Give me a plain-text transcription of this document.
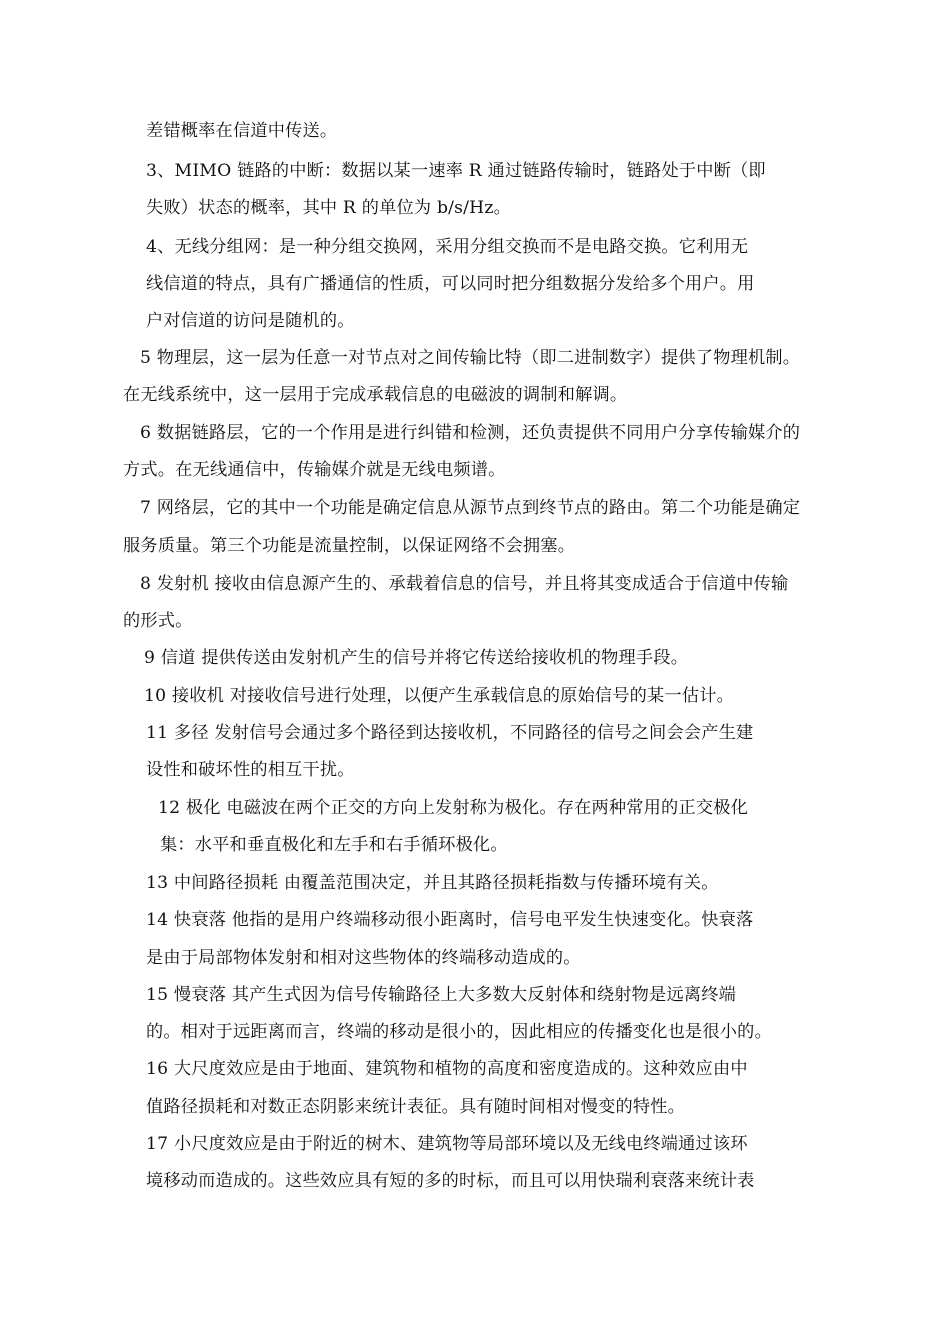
差错概率在信道中传送。
3、MIMO 链路的中断：数据以某一速率 R 通过链路传输时，链路处于中断（即
失败）状态的概率，其中 R 的单位为 b/s/Hz。
4、无线分组网：是一种分组交换网，采用分组交换而不是电路交换。它利用无
线信道的特点，具有广播通信的性质，可以同时把分组数据分发给多个用户。用
户对信道的访问是随机的。
5 物理层，这一层为任意一对节点对之间传输比特（即二进制数字）提供了物理机制。
在无线系统中，这一层用于完成承载信息的电磁波的调制和解调。
6 数据链路层，它的一个作用是进行纠错和检测，还负责提供不同用户分享传输媒介的
方式。在无线通信中，传输媒介就是无线电频谱。
7 网络层，它的其中一个功能是确定信息从源节点到终节点的路由。第二个功能是确定
服务质量。第三个功能是流量控制，以保证网络不会拥塞。
8 发射机 接收由信息源产生的、承载着信息的信号，并且将其变成适合于信道中传输
的形式。
9 信道 提供传送由发射机产生的信号并将它传送给接收机的物理手段。
10 接收机 对接收信号进行处理，以便产生承载信息的原始信号的某一估计。
11 多径 发射信号会通过多个路径到达接收机，不同路径的信号之间会会产生建
设性和破坏性的相互干扰。
12 极化 电磁波在两个正交的方向上发射称为极化。存在两种常用的正交极化
集：水平和垂直极化和左手和右手循环极化。
13 中间路径损耗 由覆盖范围决定，并且其路径损耗指数与传播环境有关。
14 快衰落 他指的是用户终端移动很小距离时，信号电平发生快速变化。快衰落
是由于局部物体发射和相对这些物体的终端移动造成的。
15 慢衰落 其产生式因为信号传输路径上大多数大反射体和绕射物是远离终端
的。相对于远距离而言，终端的移动是很小的，因此相应的传播变化也是很小的。
16 大尺度效应是由于地面、建筑物和植物的高度和密度造成的。这种效应由中
值路径损耗和对数正态阴影来统计表征。具有随时间相对慢变的特性。
17 小尺度效应是由于附近的树木、建筑物等局部环境以及无线电终端通过该环
境移动而造成的。这些效应具有短的多的时标，而且可以用快瑞利衰落来统计表
